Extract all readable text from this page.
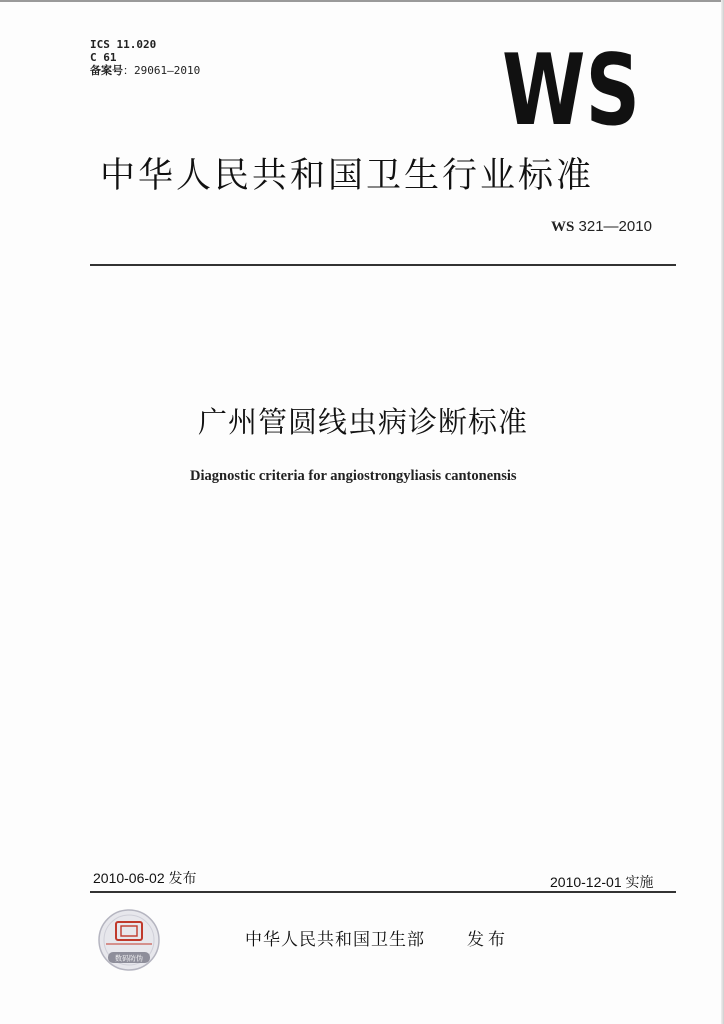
ICS 11.020
C 61
备案号：29061—2010	WS
中华人民共和国卫生行业标准
WS 321—2010
广州管圆线虫病诊断标准
Diagnostic criteria for angiostrongyliasis cantonensis
2010-06-02 发布	2010-12-01 实施
数码防伪
中华人民共和国卫生部 发布
